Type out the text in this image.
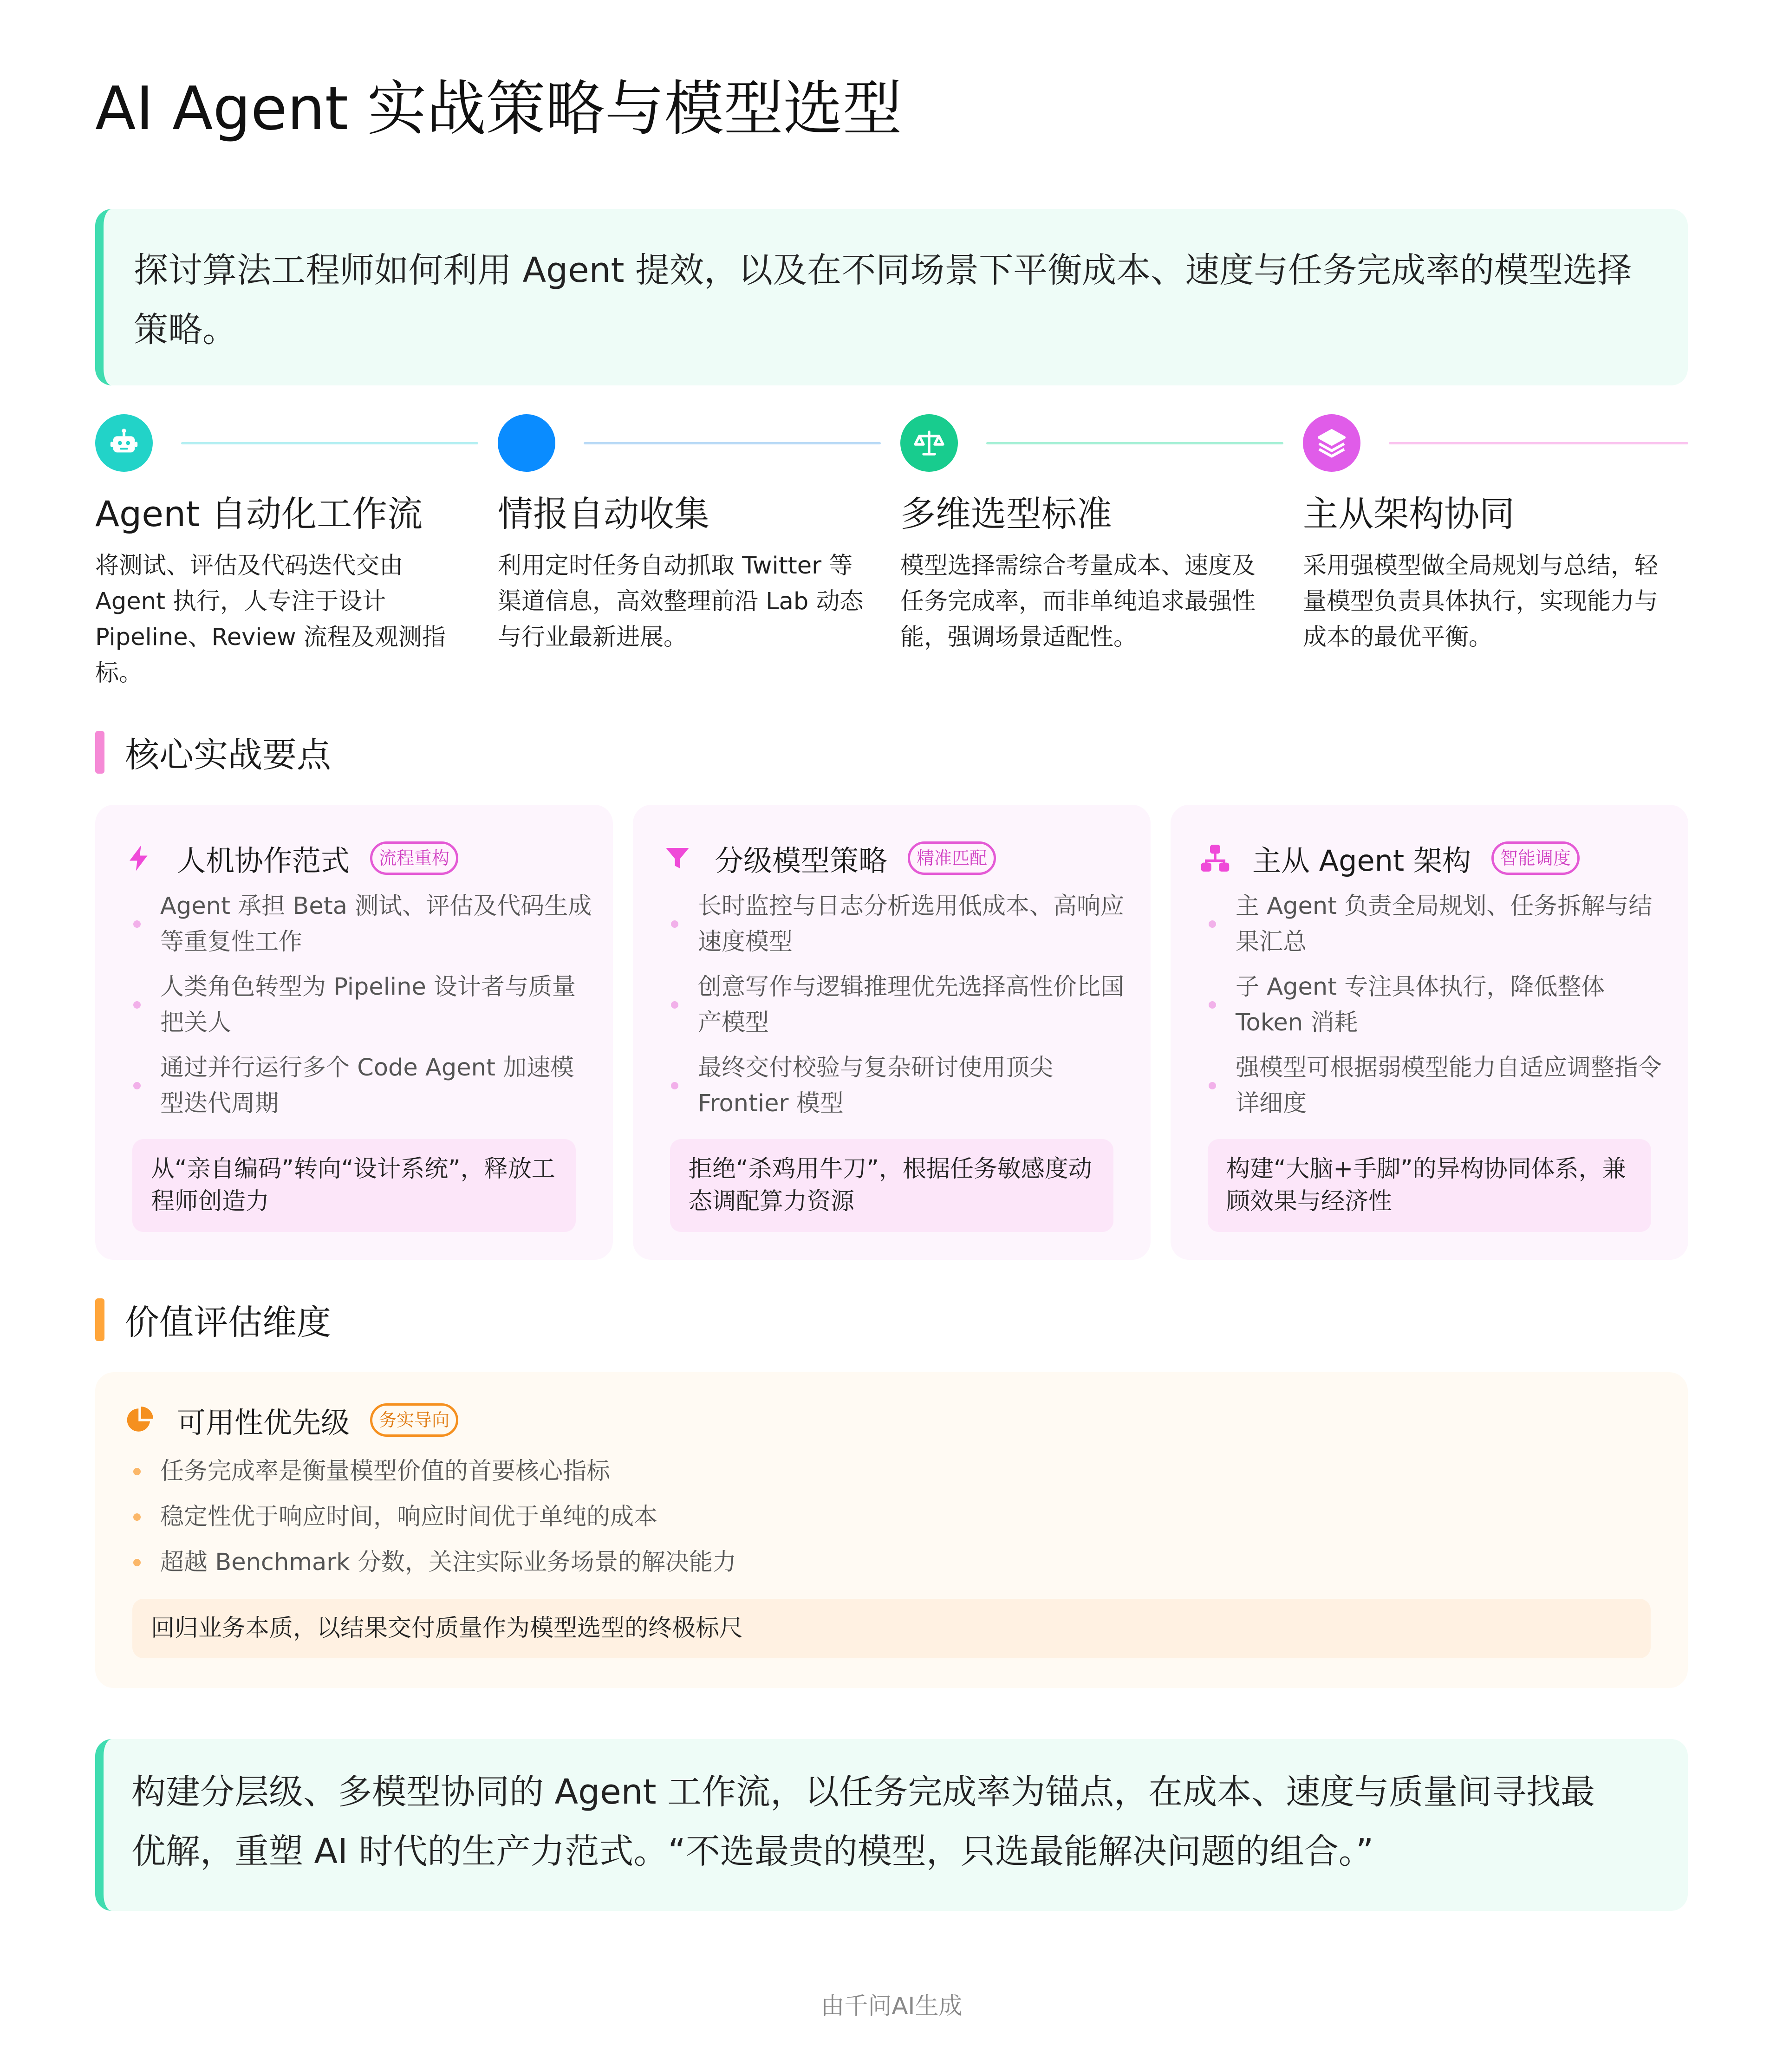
AI Agent 实战策略与模型选型
探讨算法工程师如何利用 Agent 提效，以及在不同场景下平衡成本、速度与任务完成率的模型选择策略。
Agent 自动化工作流
将测试、评估及代码迭代交由 Agent 执行，人专注于设计 Pipeline、Review 流程及观测指标。
情报自动收集
利用定时任务自动抓取 Twitter 等渠道信息，高效整理前沿 Lab 动态与行业最新进展。
多维选型标准
模型选择需综合考量成本、速度及任务完成率，而非单纯追求最强性能，强调场景适配性。
主从架构协同
采用强模型做全局规划与总结，轻量模型负责具体执行，实现能力与成本的最优平衡。
核心实战要点
人机协作范式	流程重构
Agent 承担 Beta 测试、评估及代码生成等重复性工作
人类角色转型为 Pipeline 设计者与质量把关人
通过并行运行多个 Code Agent 加速模型迭代周期
从“亲自编码”转向“设计系统”，释放工程师创造力
分级模型策略	精准匹配
长时监控与日志分析选用低成本、高响应速度模型
创意写作与逻辑推理优先选择高性价比国产模型
最终交付校验与复杂研讨使用顶尖 Frontier 模型
拒绝“杀鸡用牛刀”，根据任务敏感度动态调配算力资源
主从 Agent 架构	智能调度
主 Agent 负责全局规划、任务拆解与结果汇总
子 Agent 专注具体执行，降低整体 Token 消耗
强模型可根据弱模型能力自适应调整指令详细度
构建“大脑+手脚”的异构协同体系，兼顾效果与经济性
价值评估维度
可用性优先级	务实导向
任务完成率是衡量模型价值的首要核心指标
稳定性优于响应时间，响应时间优于单纯的成本
超越 Benchmark 分数，关注实际业务场景的解决能力
回归业务本质，以结果交付质量作为模型选型的终极标尺
构建分层级、多模型协同的 Agent 工作流，以任务完成率为锚点，在成本、速度与质量间寻找最优解，重塑 AI 时代的生产力范式。“不选最贵的模型，只选最能解决问题的组合。”
由千问AI生成
